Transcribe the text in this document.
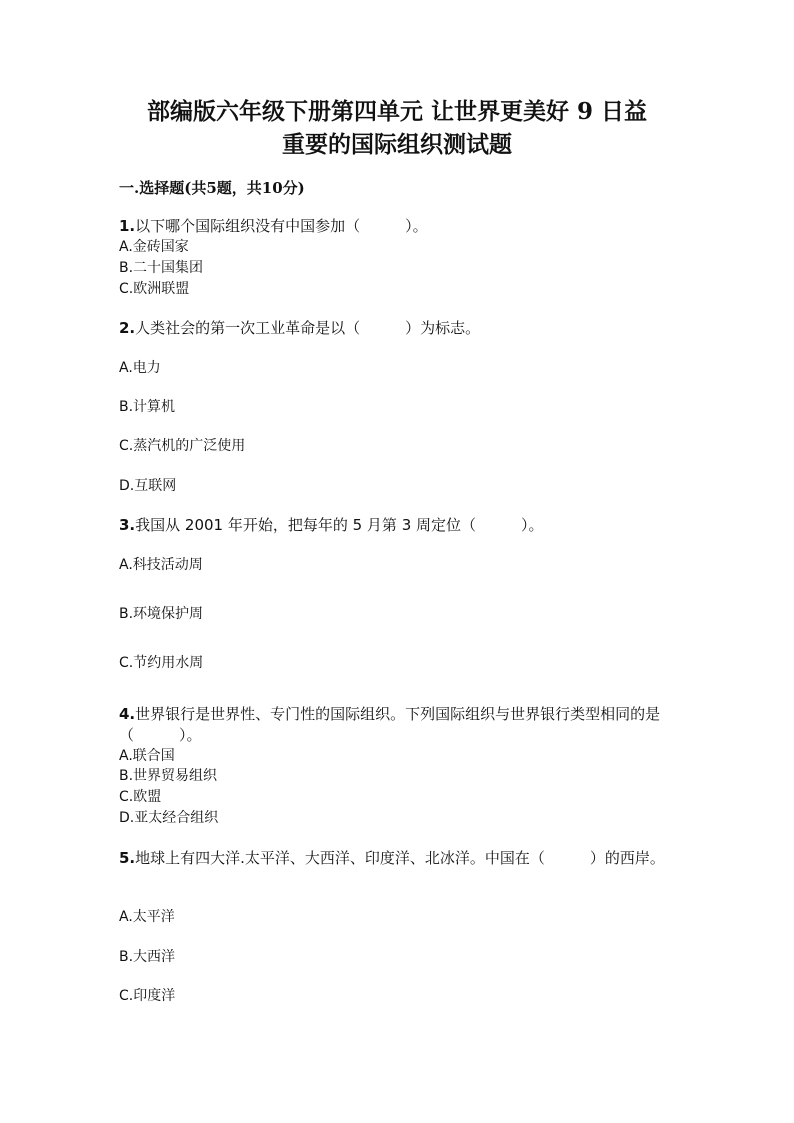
部编版六年级下册第四单元 让世界更美好 9 日益
重要的国际组织测试题
一.选择题(共5题，共10分)
1.以下哪个国际组织没有中国参加（　　　）。
A.金砖国家
B.二十国集团
C.欧洲联盟
2.人类社会的第一次工业革命是以（　　　）为标志。
A.电力
B.计算机
C.蒸汽机的广泛使用
D.互联网
3.我国从 2001 年开始，把每年的 5 月第 3 周定位（　　　）。
A.科技活动周
B.环境保护周
C.节约用水周
4.世界银行是世界性、专门性的国际组织。下列国际组织与世界银行类型相同的是（　　　）。
A.联合国
B.世界贸易组织
C.欧盟
D.亚太经合组织
5.地球上有四大洋.太平洋、大西洋、印度洋、北冰洋。中国在（　　　）的西岸。
A.太平洋
B.大西洋
C.印度洋
